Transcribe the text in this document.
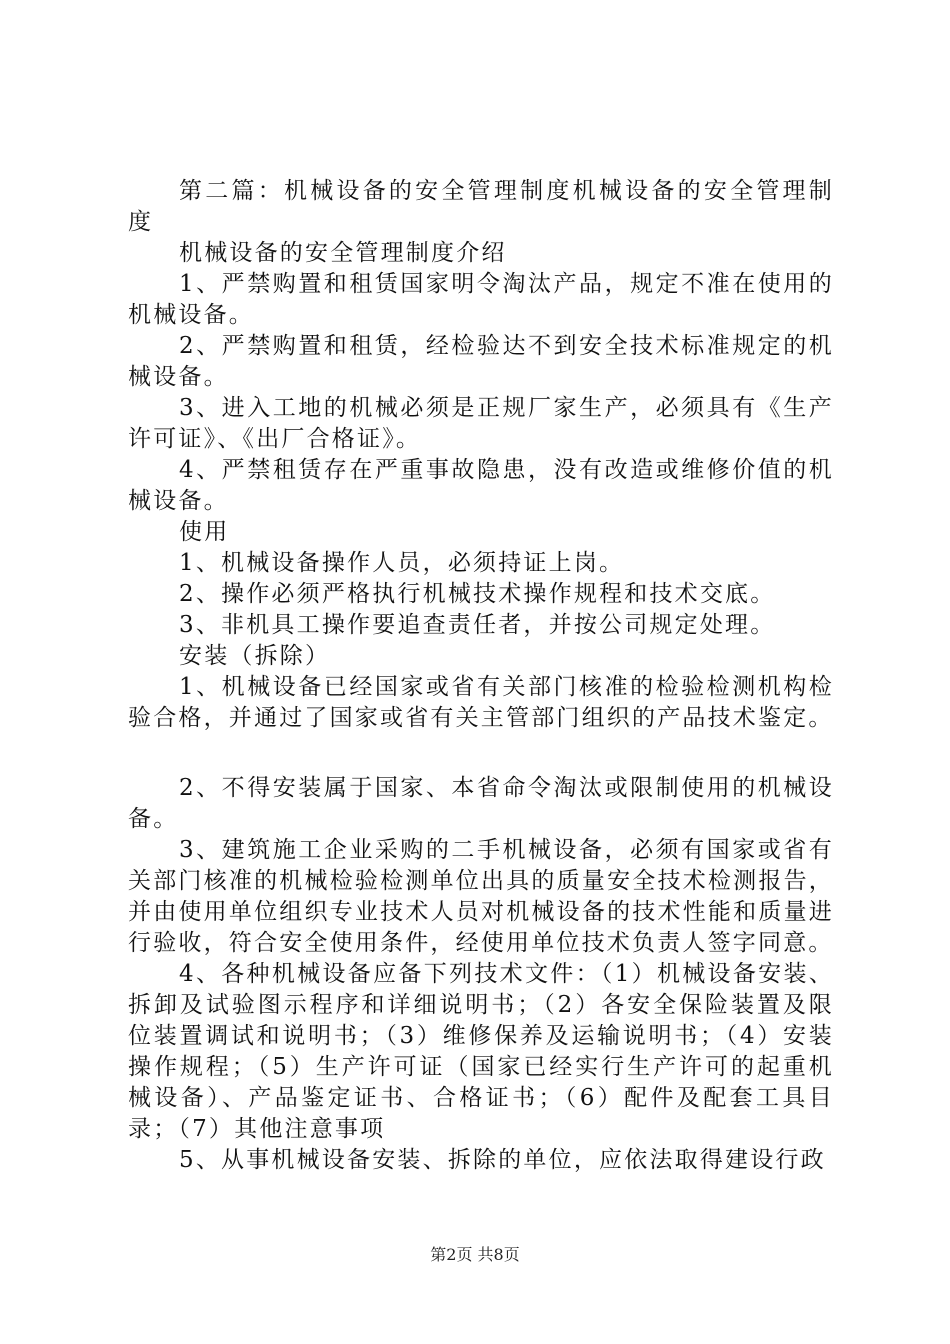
第二篇：机械设备的安全管理制度机械设备的安全管理制度

机械设备的安全管理制度介绍

1、严禁购置和租赁国家明令淘汰产品，规定不准在使用的机械设备。

2、严禁购置和租赁，经检验达不到安全技术标准规定的机械设备。

3、进入工地的机械必须是正规厂家生产，必须具有《生产许可证》、《出厂合格证》。

4、严禁租赁存在严重事故隐患，没有改造或维修价值的机械设备。

使用

1、机械设备操作人员，必须持证上岗。

2、操作必须严格执行机械技术操作规程和技术交底。

3、非机具工操作要追查责任者，并按公司规定处理。

安装（拆除）

1、机械设备已经国家或省有关部门核准的检验检测机构检验合格，并通过了国家或省有关主管部门组织的产品技术鉴定。

2、不得安装属于国家、本省命令淘汰或限制使用的机械设备。

3、建筑施工企业采购的二手机械设备，必须有国家或省有关部门核准的机械检验检测单位出具的质量安全技术检测报告，并由使用单位组织专业技术人员对机械设备的技术性能和质量进行验收，符合安全使用条件，经使用单位技术负责人签字同意。

4、各种机械设备应备下列技术文件：（1）机械设备安装、拆卸及试验图示程序和详细说明书；（2）各安全保险装置及限位装置调试和说明书；（3）维修保养及运输说明书；（4）安装操作规程；（5）生产许可证（国家已经实行生产许可的起重机械设备）、产品鉴定证书、合格证书；（6）配件及配套工具目录；（7）其他注意事项

5、从事机械设备安装、拆除的单位，应依法取得建设行政

第2页 共8页
